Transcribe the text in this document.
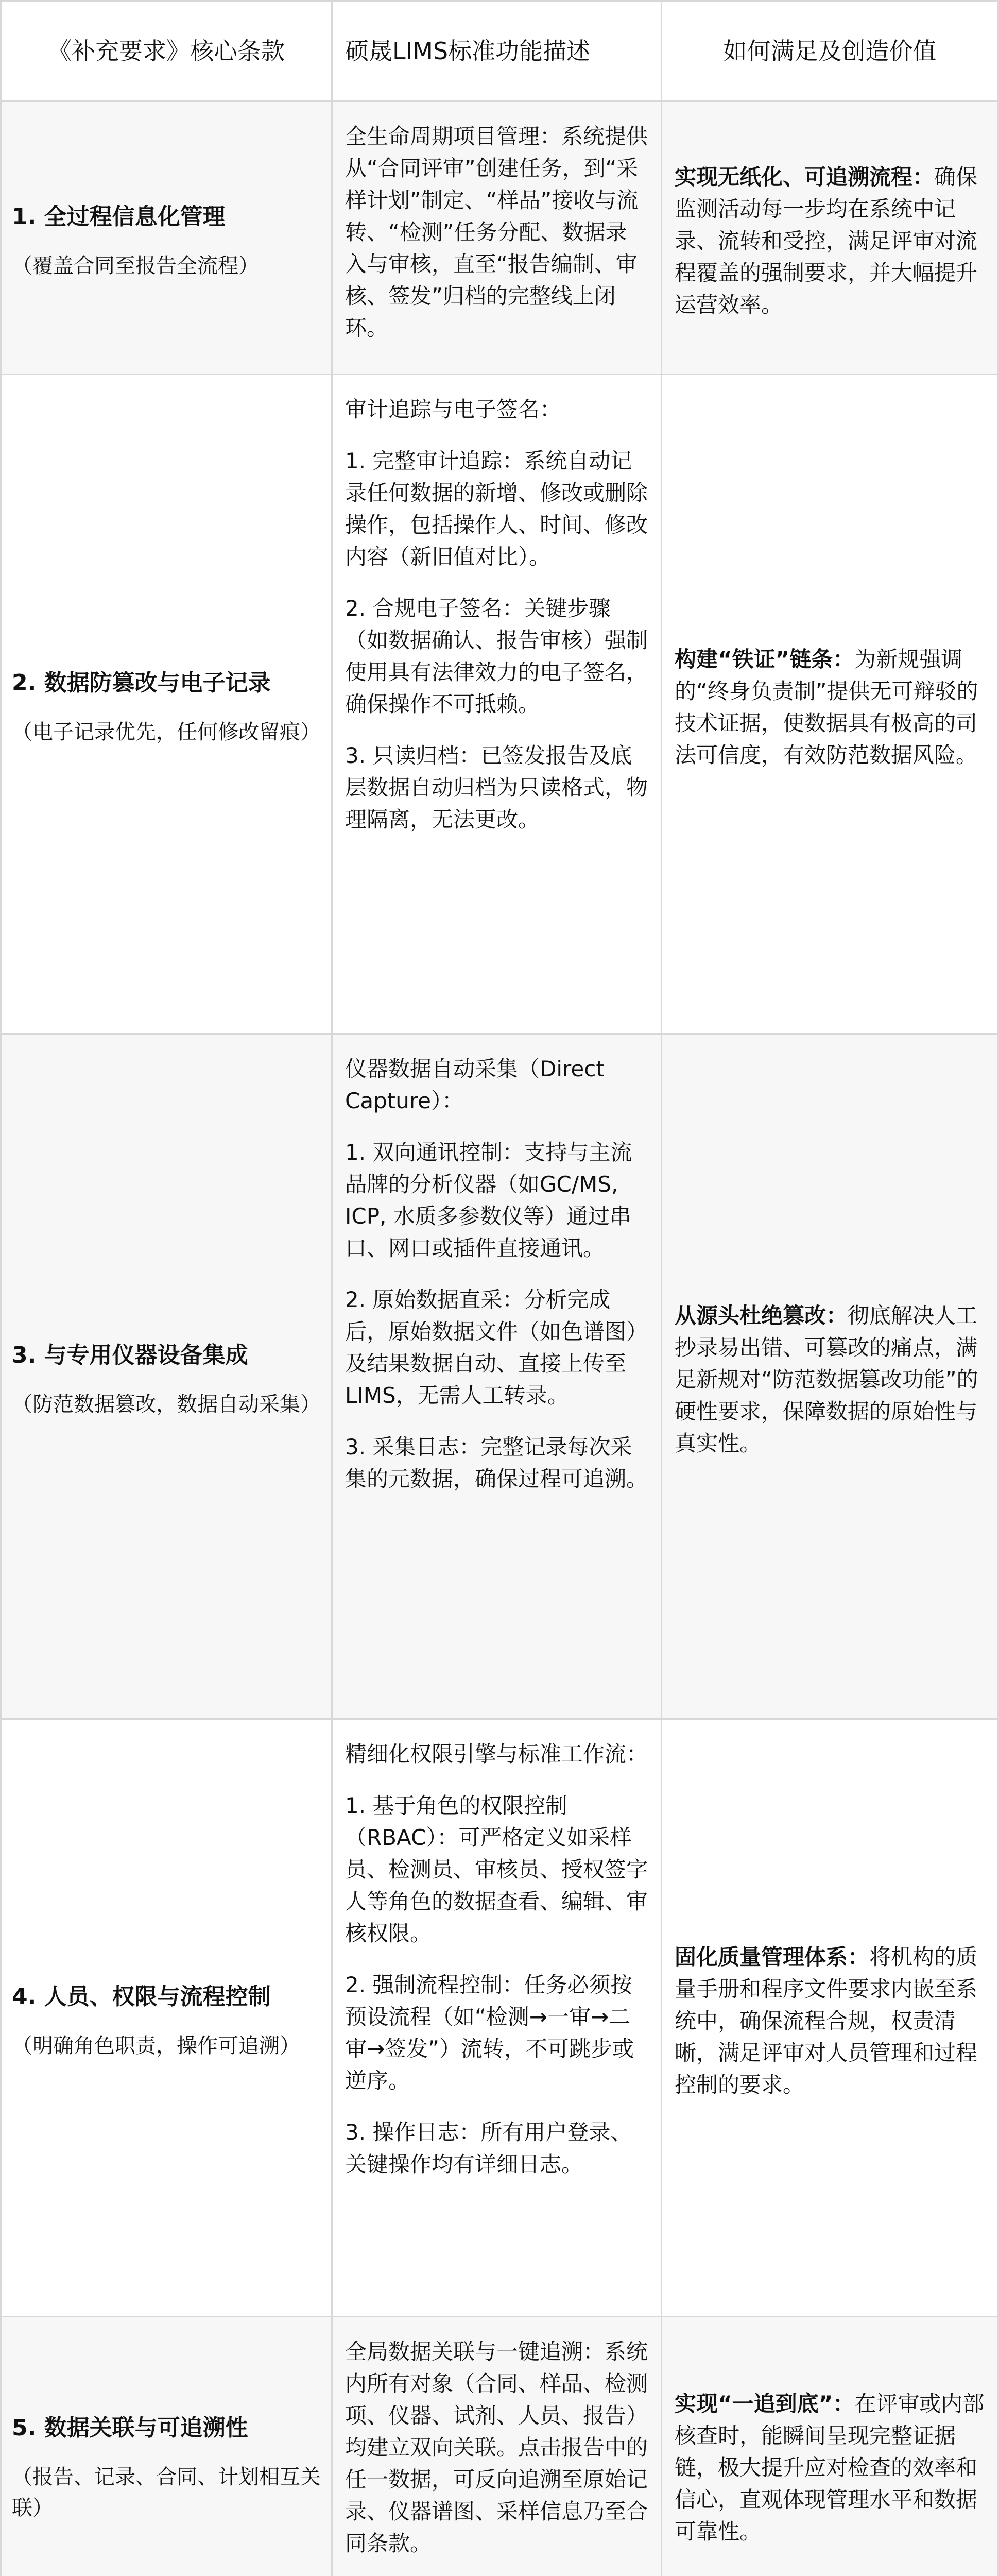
《补充要求》核心条款	硕晟LIMS标准功能描述	如何满足及创造价值
1. 全过程信息化管理
（覆盖合同至报告全流程）

全生命周期项目管理：系统提供从“合同评审”创建任务，到“采样计划”制定、“样品”接收与流转、“检测”任务分配、数据录入与审核，直至“报告编制、审核、签发”归档的完整线上闭环。

实现无纸化、可追溯流程：确保监测活动每一步均在系统中记录、流转和受控，满足评审对流程覆盖的强制要求，并大幅提升运营效率。

2. 数据防篡改与电子记录
（电子记录优先，任何修改留痕）

审计追踪与电子签名：

1. 完整审计追踪：系统自动记录任何数据的新增、修改或删除操作，包括操作人、时间、修改内容（新旧值对比）。

2. 合规电子签名：关键步骤（如数据确认、报告审核）强制使用具有法律效力的电子签名，确保操作不可抵赖。

3. 只读归档：已签发报告及底层数据自动归档为只读格式，物理隔离，无法更改。

构建“铁证”链条：为新规强调的“终身负责制”提供无可辩驳的技术证据，使数据具有极高的司法可信度，有效防范数据风险。

3. 与专用仪器设备集成
（防范数据篡改，数据自动采集）

仪器数据自动采集（Direct Capture）：

1. 双向通讯控制：支持与主流品牌的分析仪器（如GC/MS, ICP, 水质多参数仪等）通过串口、网口或插件直接通讯。

2. 原始数据直采：分析完成后，原始数据文件（如色谱图）及结果数据自动、直接上传至LIMS，无需人工转录。

3. 采集日志：完整记录每次采集的元数据，确保过程可追溯。

从源头杜绝篡改：彻底解决人工抄录易出错、可篡改的痛点，满足新规对“防范数据篡改功能”的硬性要求，保障数据的原始性与真实性。

4. 人员、权限与流程控制
（明确角色职责，操作可追溯）

精细化权限引擎与标准工作流：

1. 基于角色的权限控制（RBAC）：可严格定义如采样员、检测员、审核员、授权签字人等角色的数据查看、编辑、审核权限。

2. 强制流程控制：任务必须按预设流程（如“检测→一审→二审→签发”）流转，不可跳步或逆序。

3. 操作日志：所有用户登录、关键操作均有详细日志。

固化质量管理体系：将机构的质量手册和程序文件要求内嵌至系统中，确保流程合规，权责清晰，满足评审对人员管理和过程控制的要求。

5. 数据关联与可追溯性
（报告、记录、合同、计划相互关联）

全局数据关联与一键追溯：系统内所有对象（合同、样品、检测项、仪器、试剂、人员、报告）均建立双向关联。点击报告中的任一数据，可反向追溯至原始记录、仪器谱图、采样信息乃至合同条款。

实现“一追到底”：在评审或内部核查时，能瞬间呈现完整证据链，极大提升应对检查的效率和信心，直观体现管理水平和数据可靠性。
